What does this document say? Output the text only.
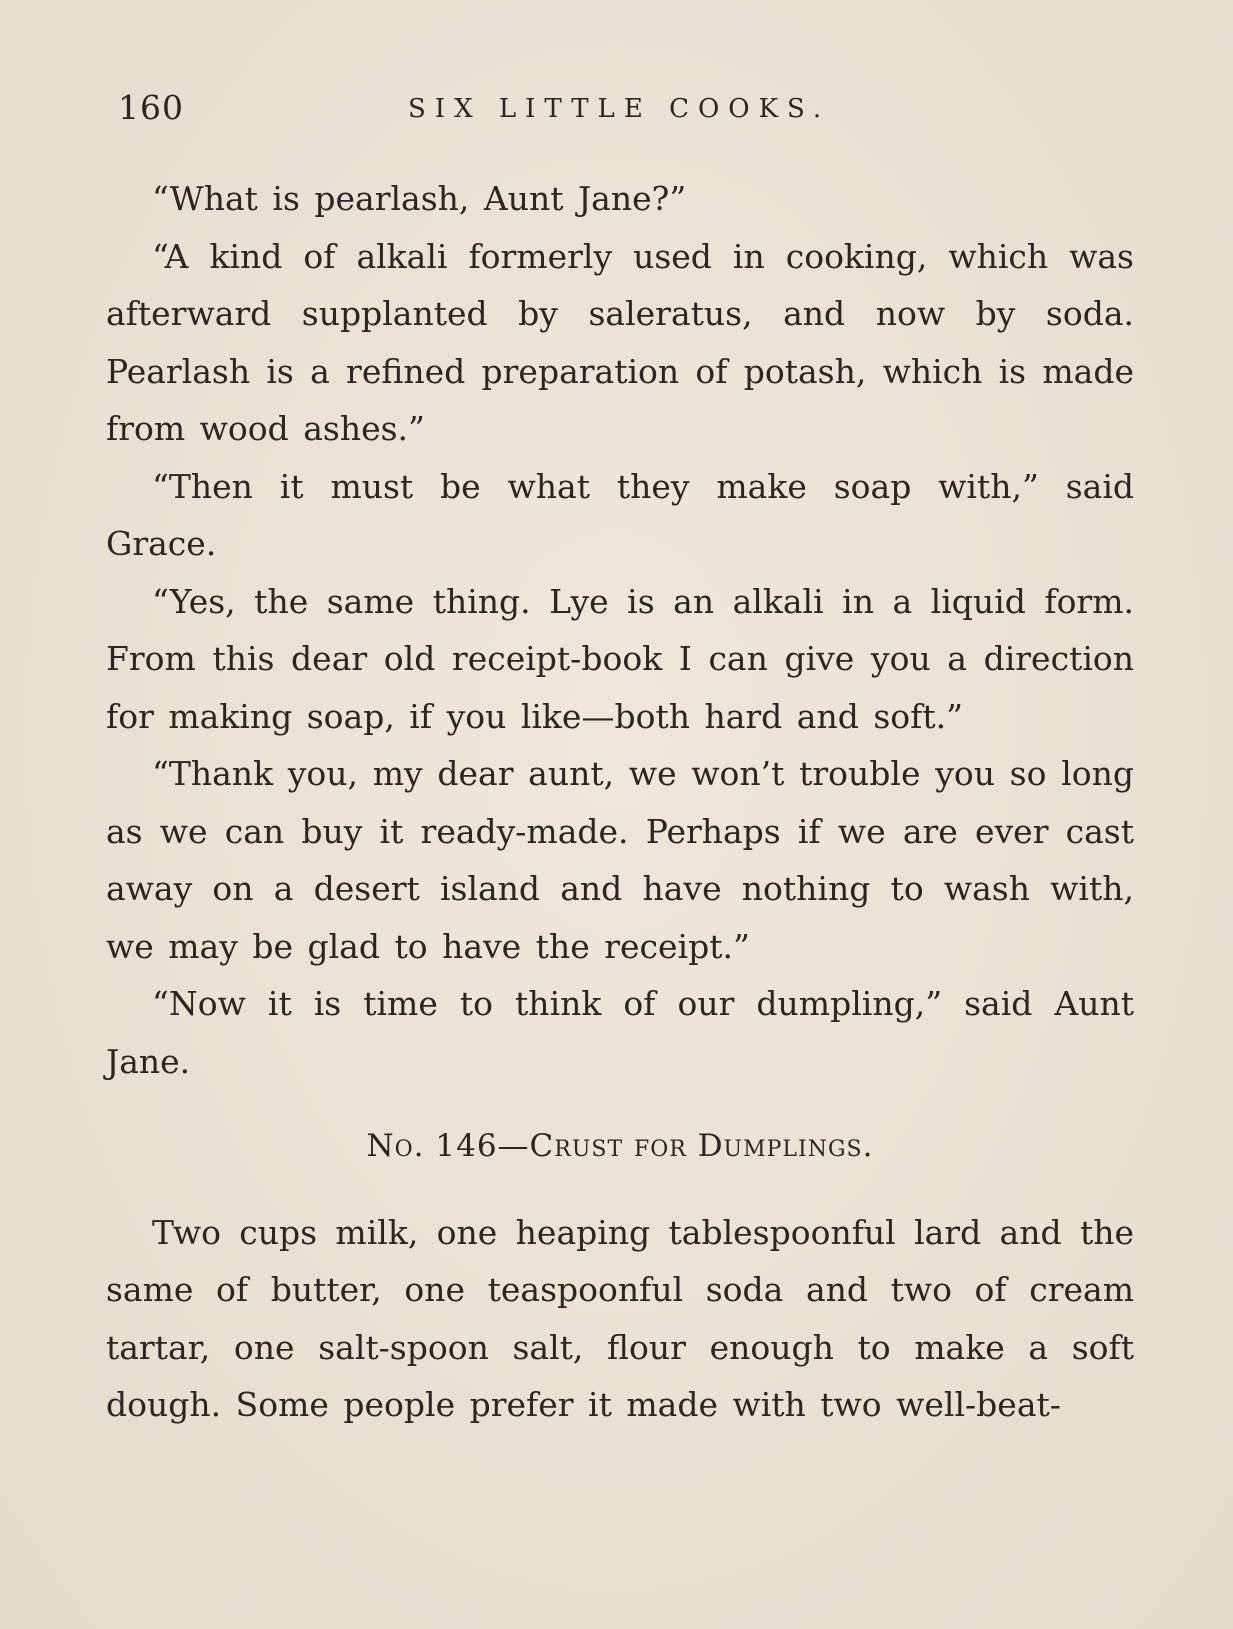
160	SIX LITTLE COOKS.

“What is pearlash, Aunt Jane?”

“A kind of alkali formerly used in cooking, which was afterward supplanted by saleratus, and now by soda. Pearlash is a refined preparation of potash, which is made from wood ashes.”

“Then it must be what they make soap with,” said Grace.

“Yes, the same thing. Lye is an alkali in a liquid form. From this dear old receipt-book I can give you a direction for making soap, if you like—both hard and soft.”

“Thank you, my dear aunt, we won’t trouble you so long as we can buy it ready-made. Perhaps if we are ever cast away on a desert island and have nothing to wash with, we may be glad to have the receipt.”

“Now it is time to think of our dumpling,” said Aunt Jane.

No. 146—Crust for Dumplings.

Two cups milk, one heaping tablespoonful lard and the same of butter, one teaspoonful soda and two of cream tartar, one salt-spoon salt, flour enough to make a soft dough. Some people prefer it made with two well-beat-
